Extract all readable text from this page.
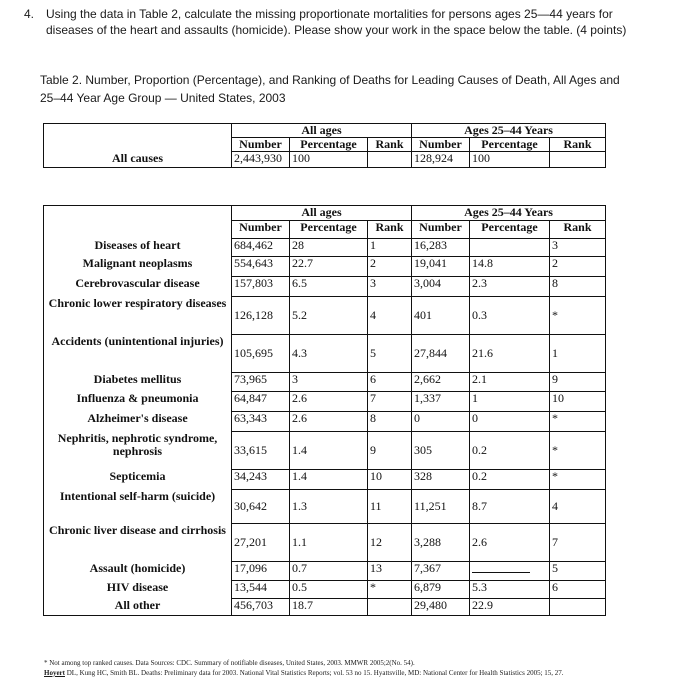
4. Using the data in Table 2, calculate the missing proportionate mortalities for persons ages 25—44 years for diseases of the heart and assaults (homicide). Please show your work in the space below the table. (4 points)
Table 2. Number, Proportion (Percentage), and Ranking of Deaths for Leading Causes of Death, All Ages and 25–44 Year Age Group — United States, 2003
	All ages			Ages 25–44 Years		
	Number	Percentage	Rank	Number	Percentage	Rank
All causes	2,443,930	100		128,924	100	
	All ages			Ages 25–44 Years		
	Number	Percentage	Rank	Number	Percentage	Rank
Diseases of heart	684,462	28	1	16,283		3
Malignant neoplasms	554,643	22.7	2	19,041	14.8	2
Cerebrovascular disease	157,803	6.5	3	3,004	2.3	8
Chronic lower respiratory diseases	126,128	5.2	4	401	0.3	*
Accidents (unintentional injuries)	105,695	4.3	5	27,844	21.6	1
Diabetes mellitus	73,965	3	6	2,662	2.1	9
Influenza & pneumonia	64,847	2.6	7	1,337	1	10
Alzheimer's disease	63,343	2.6	8	0	0	*
Nephritis, nephrotic syndrome, nephrosis	33,615	1.4	9	305	0.2	*
Septicemia	34,243	1.4	10	328	0.2	*
Intentional self-harm (suicide)	30,642	1.3	11	11,251	8.7	4
Chronic liver disease and cirrhosis	27,201	1.1	12	3,288	2.6	7
Assault (homicide)	17,096	0.7	13	7,367		5
HIV disease	13,544	0.5	*	6,879	5.3	6
All other	456,703	18.7		29,480	22.9	
* Not among top ranked causes. Data Sources: CDC. Summary of notifiable diseases, United States, 2003. MMWR 2005;2(No. 54).
Hoyert DL, Kung HC, Smith BL. Deaths: Preliminary data for 2003. National Vital Statistics Reports; vol. 53 no 15. Hyattsville, MD: National Center for Health Statistics 2005; 15, 27.
